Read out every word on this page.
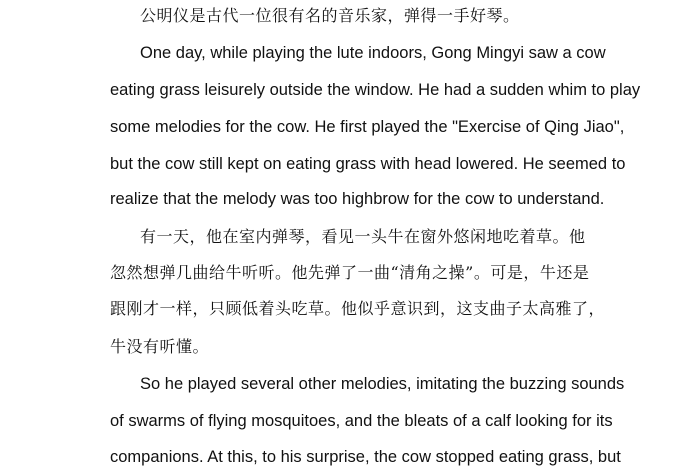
公明仪是古代一位很有名的音乐家，弹得一手好琴。
One day, while playing the lute indoors, Gong Mingyi saw a cow
eating grass leisurely outside the window. He had a sudden whim to play
some melodies for the cow. He first played the "Exercise of Qing Jiao",
but the cow still kept on eating grass with head lowered. He seemed to
realize that the melody was too highbrow for the cow to understand.
有一天，他在室内弹琴，看见一头牛在窗外悠闲地吃着草。他
忽然想弹几曲给牛听听。他先弹了一曲“清角之操”。可是，牛还是
跟刚才一样，只顾低着头吃草。他似乎意识到，这支曲子太高雅了，
牛没有听懂。
So he played several other melodies, imitating the buzzing sounds
of swarms of flying mosquitoes, and the bleats of a calf looking for its
companions. At this, to his surprise, the cow stopped eating grass, but
